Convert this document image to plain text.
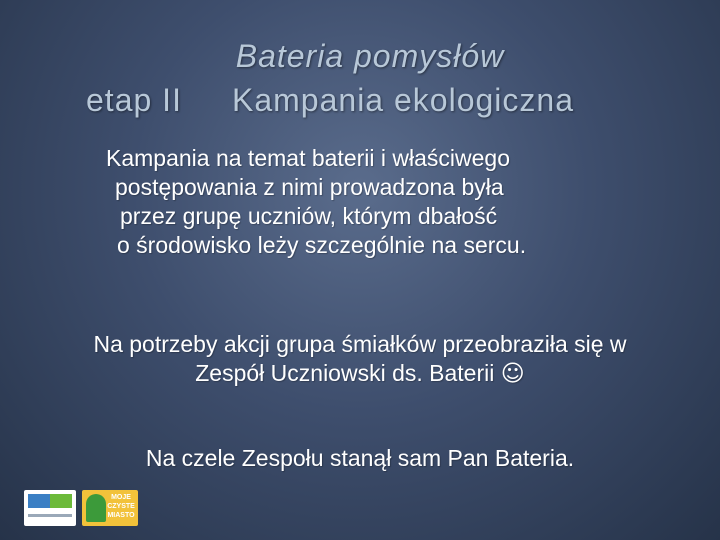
Bateria pomysłów
etap II Kampania ekologiczna
Kampania na temat baterii i właściwego
postępowania z nimi prowadzona była
przez grupę uczniów, którym dbałość
o środowisko leży szczególnie na sercu.
Na potrzeby akcji grupa śmiałków przeobraziła się w
Zespół Uczniowski ds. Baterii ☺
Na czele Zespołu stanął sam Pan Bateria.
MOJE CZYSTE MIASTO
